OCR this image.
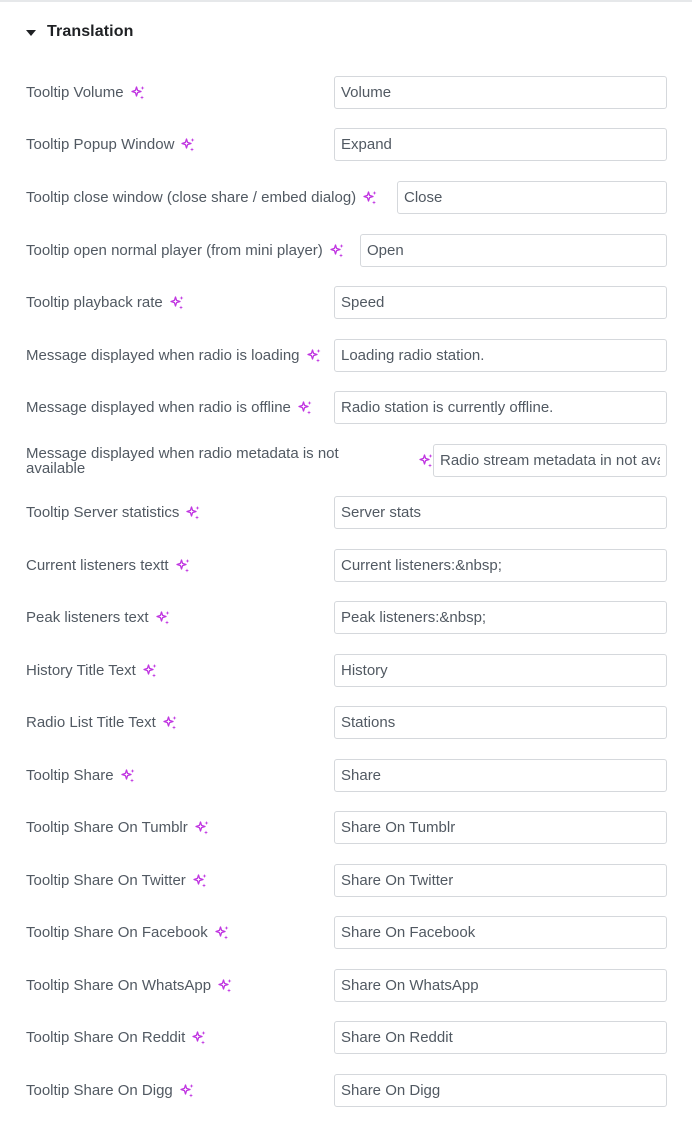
Translation
Tooltip Volume
Volume
Tooltip Popup Window
Expand
Tooltip close window (close share / embed dialog)
Close
Tooltip open normal player (from mini player)
Open
Tooltip playback rate
Speed
Message displayed when radio is loading
Loading radio station.
Message displayed when radio is offline
Radio station is currently offline.
Message displayed when radio metadata is not available
Radio stream metadata in not available
Tooltip Server statistics
Server stats
Current listeners textt
Current listeners:&nbsp;
Peak listeners text
Peak listeners:&nbsp;
History Title Text
History
Radio List Title Text
Stations
Tooltip Share
Share
Tooltip Share On Tumblr
Share On Tumblr
Tooltip Share On Twitter
Share On Twitter
Tooltip Share On Facebook
Share On Facebook
Tooltip Share On WhatsApp
Share On WhatsApp
Tooltip Share On Reddit
Share On Reddit
Tooltip Share On Digg
Share On Digg
